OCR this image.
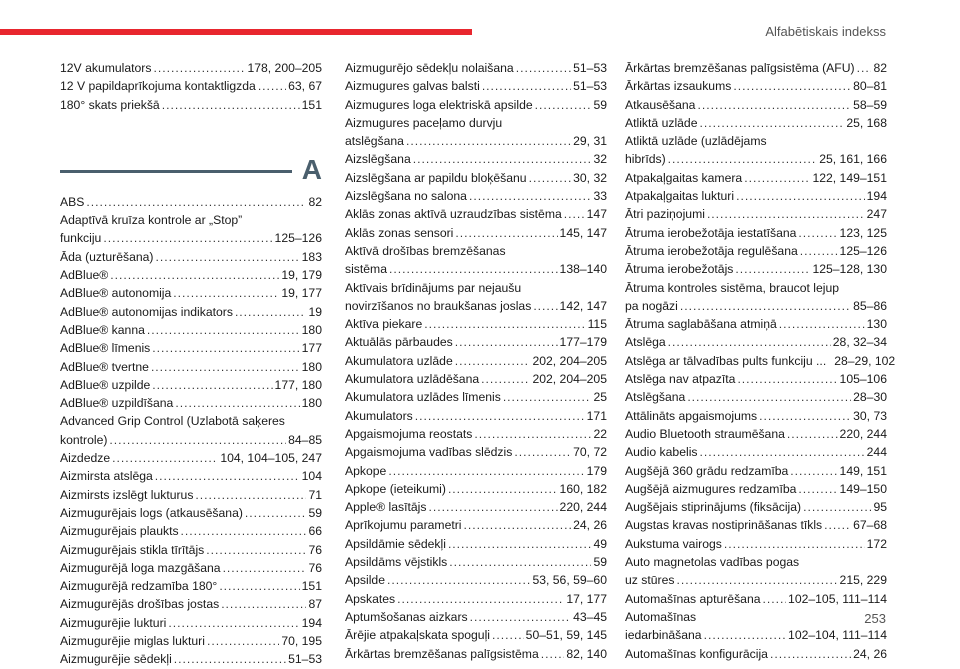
Alfabētiskais indekss
12V akumulators . . .	178, 200–205
12 V papildaprīkojuma kontaktligzda . . .	63, 67
180° skats priekšā . . .	151
A
ABS . . .	82
Adaptīvā kruīza kontrole ar „Stop”
funkciju . . .	125–126
Āda (uzturēšana) . . .	183
AdBlue® . . .	19, 179
AdBlue® autonomija . . .	19, 177
AdBlue® autonomijas indikators . . .	19
AdBlue® kanna . . .	180
AdBlue® līmenis . . .	177
AdBlue® tvertne . . .	180
AdBlue® uzpilde . . .	177, 180
AdBlue® uzpildīšana . . .	180
Advanced Grip Control (Uzlabotā saķeres
kontrole) . . .	84–85
Aizdedze . . .	104, 104–105, 247
Aizmirsta atslēga . . .	104
Aizmirsts izslēgt lukturus . . .	71
Aizmugurējais logs (atkausēšana) . . .	59
Aizmugurējais plaukts . . .	66
Aizmugurējais stikla tīrītājs . . .	76
Aizmugurējā loga mazgāšana . . .	76
Aizmugurējā redzamība 180° . . .	151
Aizmugurējās drošības jostas . . .	87
Aizmugurējie lukturi . . .	194
Aizmugurējie miglas lukturi . . .	70, 195
Aizmugurējie sēdekļi . . .	51–53
Aizmugurējo sēdekļu nolaišana . . .	51–53
Aizmugures galvas balsti . . .	51–53
Aizmugures loga elektriskā apsilde . . .	59
Aizmugures paceļamo durvju
atslēgšana . . .	29, 31
Aizslēgšana . . .	32
Aizslēgšana ar papildu bloķēšanu . . .	30, 32
Aizslēgšana no salona . . .	33
Aklās zonas aktīvā uzraudzības sistēma . . . 147
Aklās zonas sensori . . .	145, 147
Aktīvā drošības bremzēšanas
sistēma . . .	138–140
Aktīvais brīdinājums par nejaušu
novirzīšanos no braukšanas joslas . . . 142, 147
Aktīva piekare . . .	115
Aktuālās pārbaudes . . .	177–179
Akumulatora uzlāde . . .	202, 204–205
Akumulatora uzlādēšana . . .	202, 204–205
Akumulatora uzlādes līmenis . . .	25
Akumulators . . .	171
Apgaismojuma reostats . . .	22
Apgaismojuma vadības slēdzis . . .	70, 72
Apkope . . .	179
Apkope (ieteikumi) . . .	160, 182
Apple® lasītājs . . .	220, 244
Aprīkojumu parametri . . .	24, 26
Apsildāmie sēdekļi . . .	49
Apsildāms vējstikls . . .	59
Apsilde . . .	53, 56, 59–60
Apskates . . .	17, 177
Aptumšošanas aizkars . . .	43–45
Ārējie atpakaļskata spoguļi . . .	50–51, 59, 145
Ārkārtas bremzēšanas palīgsistēma . . . 82, 140
Ārkārtas bremzēšanas palīgsistēma (AFU) . . . 82
Ārkārtas izsaukums . . .	80–81
Atkausēšana . . .	58–59
Atliktā uzlāde . . .	25, 168
Atliktā uzlāde (uzlādējams
hibrīds) . . .	25, 161, 166
Atpakaļgaitas kamera . . .	122, 149–151
Atpakaļgaitas lukturi . . .	194
Ātri paziņojumi . . .	247
Ātruma ierobežotāja iestatīšana . . .	123, 125
Ātruma ierobežotāja regulēšana . . .	125–126
Ātruma ierobežotājs . . .	125–128, 130
Ātruma kontroles sistēma, braucot lejup
pa nogāzi . . .	85–86
Ātruma saglabāšana atmiņā . . .	130
Atslēga . . .	28, 32–34
Atslēga ar tālvadības pults funkciju ... 28–29, 102
Atslēga nav atpazīta . . .	105–106
Atslēgšana . . .	28–30
Attālināts apgaismojums . . .	30, 73
Audio Bluetooth straumēšana . . .	220, 244
Audio kabelis . . .	244
Augšējā 360 grādu redzamība . . .	149, 151
Augšējā aizmugures redzamība . . .	149–150
Augšējais stiprinājums (fiksācija) . . .	95
Augstas kravas nostiprināšanas tīkls . . .	67–68
Aukstuma vairogs . . .	172
Auto magnetolas vadības pogas
uz stūres . . .	215, 229
Automašīnas apturēšana . . . 102–105, 111–114
Automašīnas
iedarbināšana . . .	102–104, 111–114
Automašīnas konfigurācija . . .	24, 26
253
